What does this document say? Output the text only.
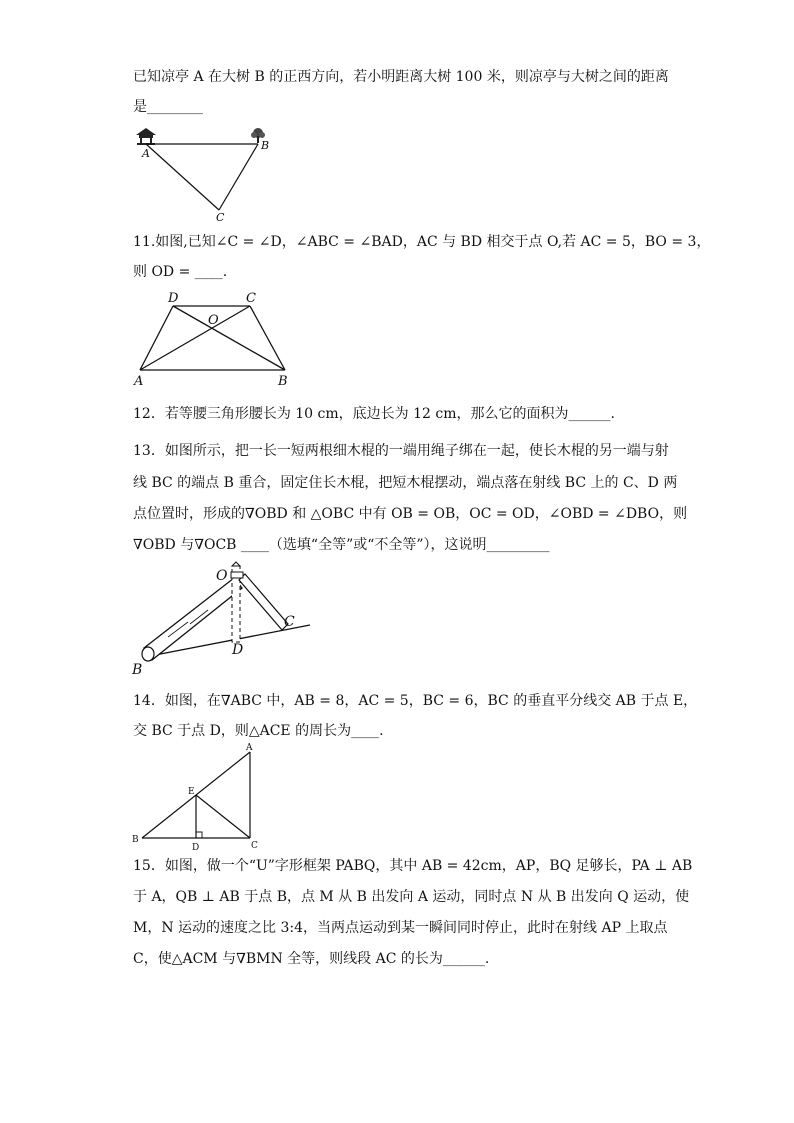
已知凉亭 A 在大树 B 的正西方向，若小明距离大树 100 米，则凉亭与大树之间的距离
是________
A
B
C
11.如图,已知∠C = ∠D，∠ABC = ∠BAD，AC 与 BD 相交于点 O,若 AC = 5，BO = 3，
则 OD = ____.
D	C
O
A	B
12．若等腰三角形腰长为 10 cm，底边长为 12 cm，那么它的面积为______.
13．如图所示，把一长一短两根细木棍的一端用绳子绑在一起，使长木棍的另一端与射
线 BC 的端点 B 重合，固定住长木棍，把短木棍摆动，端点落在射线 BC 上的 C、D 两
点位置时，形成的∇OBD 和 △OBC 中有 OB = OB，OC = OD，∠OBD = ∠DBO，则
∇OBD 与∇OCB ____（选填“全等”或“不全等”），这说明_________
O
B
C
D
14．如图，在∇ABC 中，AB = 8，AC = 5，BC = 6，BC 的垂直平分线交 AB 于点 E，
交 BC 于点 D，则△ACE 的周长为____.
A
E
B
D	C
15．如图，做一个“U”字形框架 PABQ，其中 AB = 42cm，AP，BQ 足够长，PA ⊥ AB
于 A，QB ⊥ AB 于点 B，点 M 从 B 出发向 A 运动，同时点 N 从 B 出发向 Q 运动，使
M，N 运动的速度之比 3:4，当两点运动到某一瞬间同时停止，此时在射线 AP 上取点
C，使△ACM 与∇BMN 全等，则线段 AC 的长为______.
